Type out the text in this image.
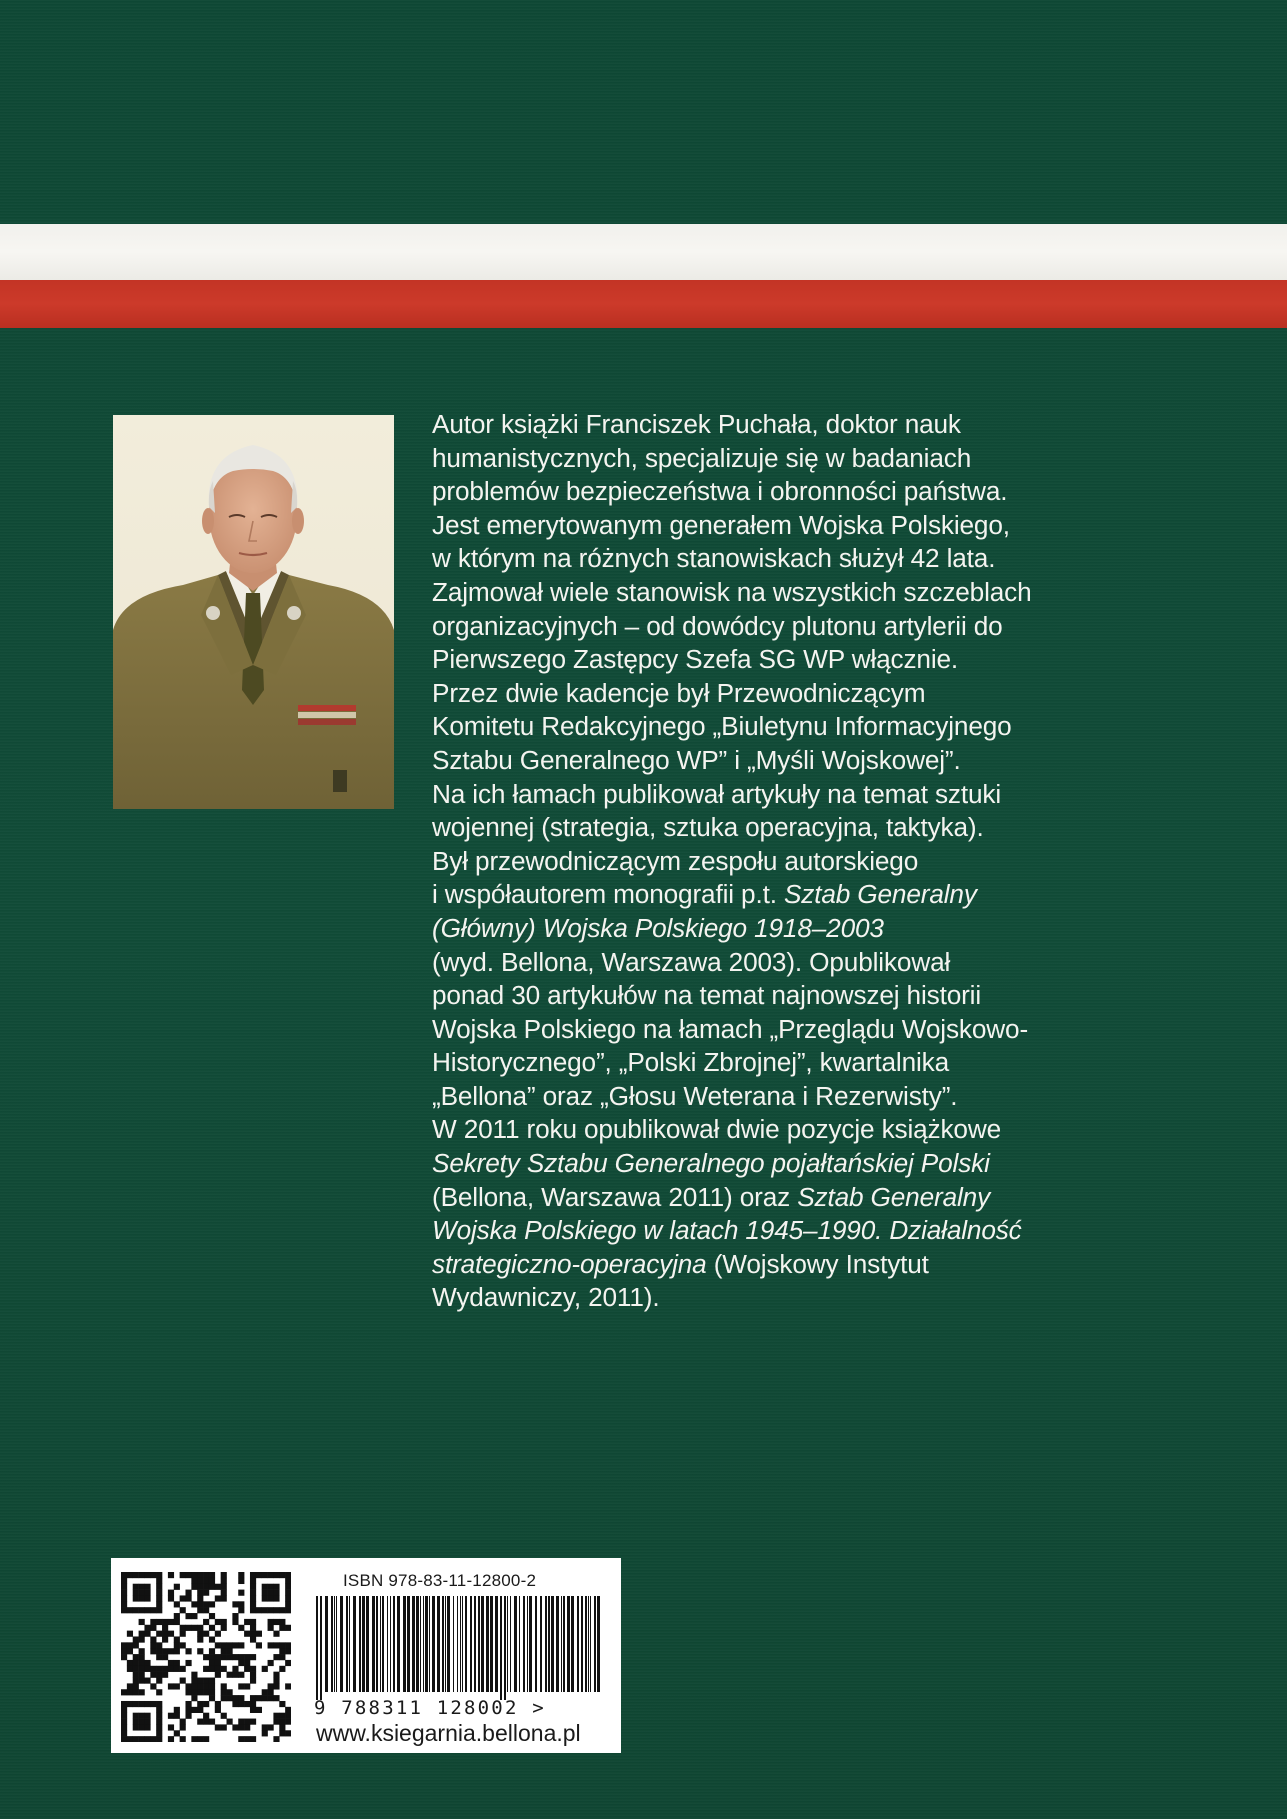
Autor książki Franciszek Puchała, doktor nauk
humanistycznych, specjalizuje się w badaniach
problemów bezpieczeństwa i obronności państwa.
Jest emerytowanym generałem Wojska Polskiego,
w którym na różnych stanowiskach służył 42 lata.
Zajmował wiele stanowisk na wszystkich szczeblach
organizacyjnych – od dowódcy plutonu artylerii do
Pierwszego Zastępcy Szefa SG WP włącznie.
Przez dwie kadencje był Przewodniczącym
Komitetu Redakcyjnego „Biuletynu Informacyjnego
Sztabu Generalnego WP” i „Myśli Wojskowej”.
Na ich łamach publikował artykuły na temat sztuki
wojennej (strategia, sztuka operacyjna, taktyka).
Był przewodniczącym zespołu autorskiego
i współautorem monografii p.t. Sztab Generalny
(Główny) Wojska Polskiego 1918–2003
(wyd. Bellona, Warszawa 2003). Opublikował
ponad 30 artykułów na temat najnowszej historii
Wojska Polskiego na łamach „Przeglądu Wojskowo-
Historycznego”, „Polski Zbrojnej”, kwartalnika
„Bellona” oraz „Głosu Weterana i Rezerwisty”.
W 2011 roku opublikował dwie pozycje książkowe
Sekrety Sztabu Generalnego pojałtańskiej Polski
(Bellona, Warszawa 2011) oraz Sztab Generalny
Wojska Polskiego w latach 1945–1990. Działalność
strategiczno-operacyjna (Wojskowy Instytut
Wydawniczy, 2011).
ISBN 978-83-11-12800-2
9 788311 128002 >
www.ksiegarnia.bellona.pl
